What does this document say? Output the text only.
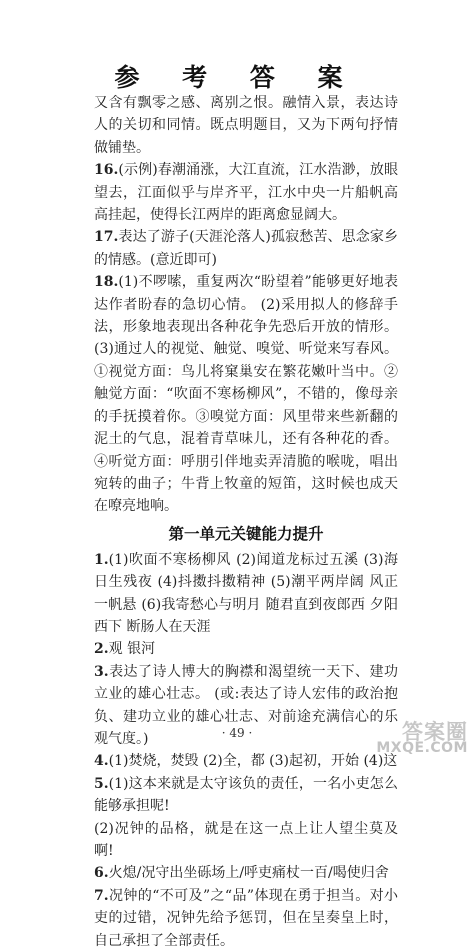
参 考 答 案

又含有飘零之感、离别之恨。融情入景，表达诗人的关切和同情。既点明题目，又为下两句抒情做铺垫。

16.(示例)春潮涌涨，大江直流，江水浩渺，放眼望去，江面似乎与岸齐平，江水中央一片船帆高高挂起，使得长江两岸的距离愈显阔大。

17.表达了游子(天涯沦落人)孤寂愁苦、思念家乡的情感。(意近即可)

18.(1)不啰嗦，重复两次“盼望着”能够更好地表达作者盼春的急切心情。 (2)采用拟人的修辞手法，形象地表现出各种花争先恐后开放的情形。 (3)通过人的视觉、触觉、嗅觉、听觉来写春风。①视觉方面：鸟儿将窠巢安在繁花嫩叶当中。②触觉方面：“吹面不寒杨柳风”，不错的，像母亲的手抚摸着你。③嗅觉方面：风里带来些新翻的泥土的气息，混着青草味儿，还有各种花的香。④听觉方面：呼朋引伴地卖弄清脆的喉咙，唱出宛转的曲子；牛背上牧童的短笛，这时候也成天在嘹亮地响。

第一单元关键能力提升

1.(1)吹面不寒杨柳风 (2)闻道龙标过五溪 (3)海日生残夜 (4)抖擞抖擞精神 (5)潮平两岸阔 风正一帆悬 (6)我寄愁心与明月 随君直到夜郎西 夕阳西下 断肠人在天涯

2.观 银河

3.表达了诗人博大的胸襟和渴望统一天下、建功立业的雄心壮志。 (或:表达了诗人宏伟的政治抱负、建功立业的雄心壮志、对前途充满信心的乐观气度。)

4.(1)焚烧，焚毁 (2)全，都 (3)起初，开始 (4)这

5.(1)这本来就是太守该负的责任，一名小吏怎么能够承担呢!

(2)况钟的品格，就是在这一点上让人望尘莫及啊!

6.火熄/况守出坐砾场上/呼吏痛杖一百/喝使归舍

7.况钟的“不可及”之“品”体现在勇于担当。对小吏的过错，况钟先给予惩罚，但在呈奏皇上时，自己承担了全部责任。

· 49 ·	答案圈
MXQE.COM
